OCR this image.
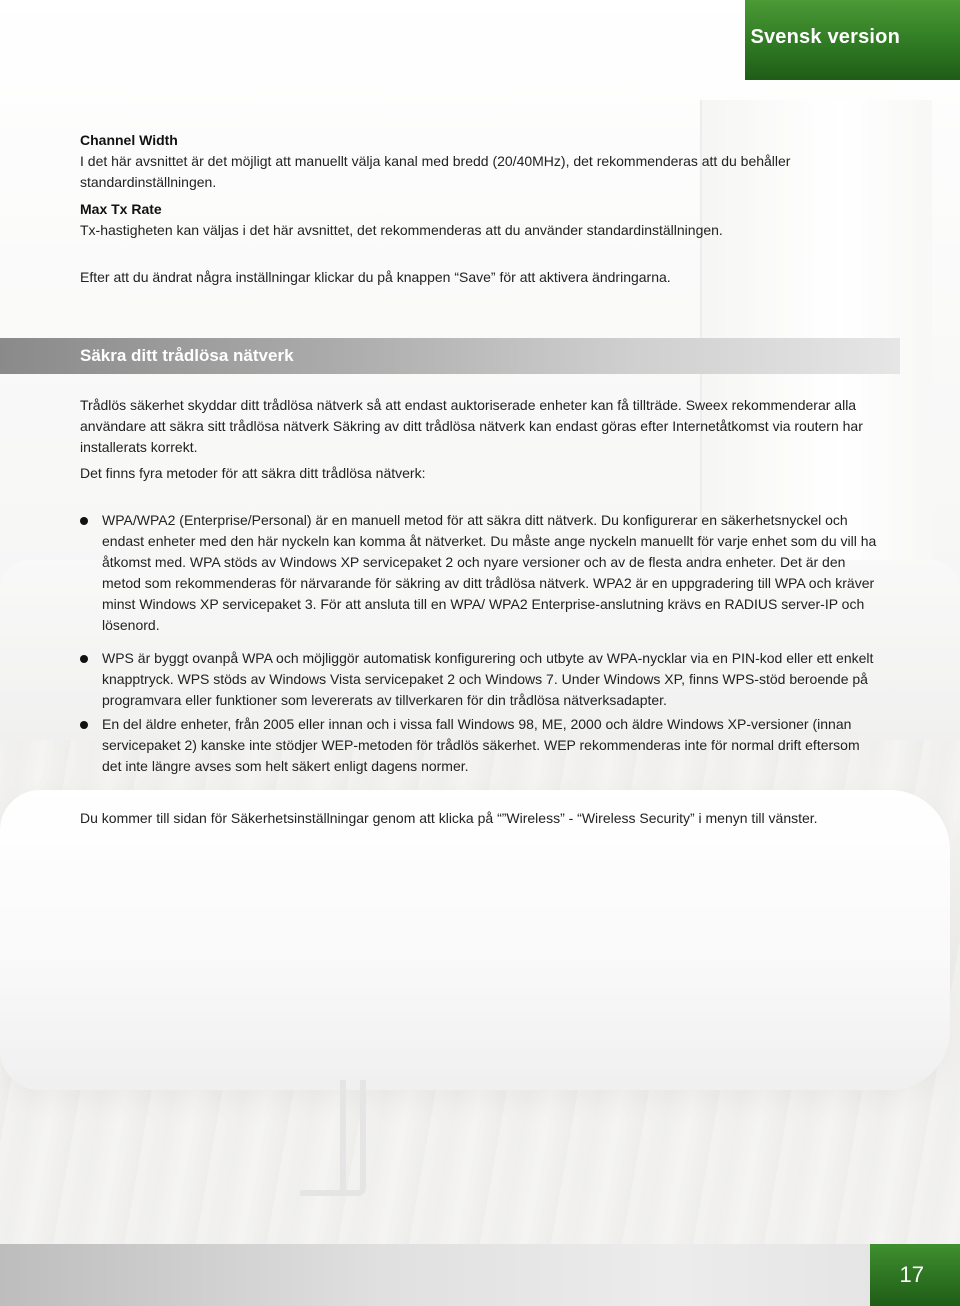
Svensk version

Channel Width

I det här avsnittet är det möjligt att manuellt välja kanal med bredd (20/40MHz), det rekommenderas att du behåller standardinställningen.

Max Tx Rate

Tx-hastigheten kan väljas i det här avsnittet, det rekommenderas att du använder standardinställningen.

Efter att du ändrat några inställningar klickar du på knappen “Save” för att aktivera ändringarna.

Säkra ditt trådlösa nätverk

Trådlös säkerhet skyddar ditt trådlösa nätverk så att endast auktoriserade enheter kan få tillträde. Sweex rekommenderar alla användare att säkra sitt trådlösa nätverk Säkring av ditt trådlösa nätverk kan endast göras efter Internetåtkomst via routern har installerats korrekt.

Det finns fyra metoder för att säkra ditt trådlösa nätverk:

WPA/WPA2 (Enterprise/Personal) är en manuell metod för att säkra ditt nätverk. Du konfigurerar en säkerhetsnyckel och endast enheter med den här nyckeln kan komma åt nätverket. Du måste ange nyckeln manuellt för varje enhet som du vill ha åtkomst med. WPA stöds av Windows XP servicepaket 2 och nyare versioner och av de flesta andra enheter. Det är den metod som rekommenderas för närvarande för säkring av ditt trådlösa nätverk. WPA2 är en uppgradering till WPA och kräver minst Windows XP servicepaket 3. För att ansluta till en WPA/ WPA2 Enterprise-anslutning krävs en RADIUS server-IP och lösenord.
WPS är byggt ovanpå WPA och möjliggör automatisk konfigurering och utbyte av WPA-nycklar via en PIN-kod eller ett enkelt knapptryck. WPS stöds av Windows Vista servicepaket 2 och Windows 7. Under Windows XP, finns WPS-stöd beroende på programvara eller funktioner som levererats av tillverkaren för din trådlösa nätverksadapter.
En del äldre enheter, från 2005 eller innan och i vissa fall Windows 98, ME, 2000 och äldre Windows XP-versioner (innan servicepaket 2) kanske inte stödjer WEP-metoden för trådlös säkerhet. WEP rekommenderas inte för normal drift eftersom det inte längre avses som helt säkert enligt dagens normer.

Du kommer till sidan för Säkerhetsinställningar genom att klicka på “”Wireless” - “Wireless Security” i menyn till vänster.

17
